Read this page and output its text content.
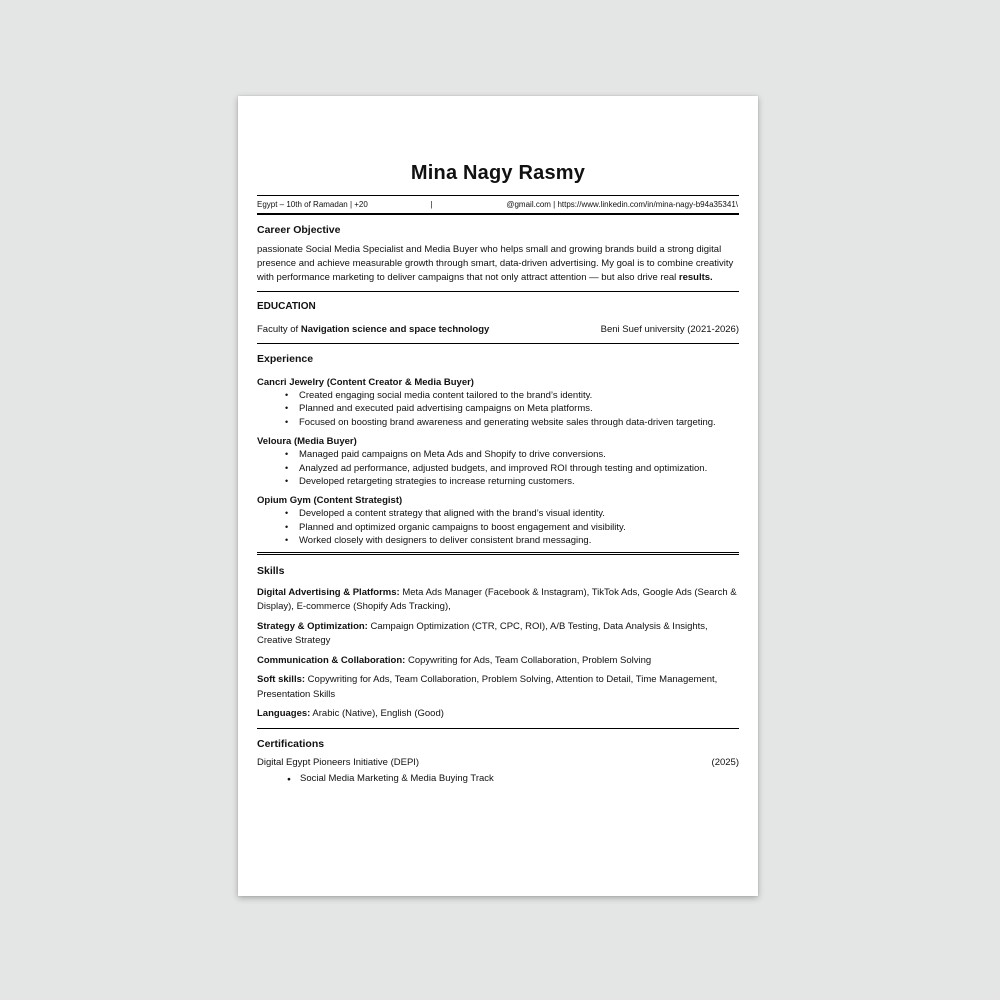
Mina Nagy Rasmy
Egypt – 10th of Ramadan | +20	|	@gmail.com | https://www.linkedin.com/in/mina-nagy-b94a35341\
Career Objective

passionate Social Media Specialist and Media Buyer who helps small and growing brands build a strong digital presence and achieve measurable growth through smart, data-driven advertising. My goal is to combine creativity with performance marketing to deliver campaigns that not only attract attention — but also drive real results.

EDUCATION
Faculty of Navigation science and space technology	Beni Suef university (2021-2026)
Experience
Cancri Jewelry (Content Creator & Media Buyer)
• Created engaging social media content tailored to the brand’s identity.
• Planned and executed paid advertising campaigns on Meta platforms.
• Focused on boosting brand awareness and generating website sales through data-driven targeting.
Veloura (Media Buyer)
• Managed paid campaigns on Meta Ads and Shopify to drive conversions.
• Analyzed ad performance, adjusted budgets, and improved ROI through testing and optimization.
• Developed retargeting strategies to increase returning customers.
Opium Gym (Content Strategist)
• Developed a content strategy that aligned with the brand’s visual identity.
• Planned and optimized organic campaigns to boost engagement and visibility.
• Worked closely with designers to deliver consistent brand messaging.
Skills

Digital Advertising & Platforms: Meta Ads Manager (Facebook & Instagram), TikTok Ads, Google Ads (Search & Display), E-commerce (Shopify Ads Tracking),

Strategy & Optimization: Campaign Optimization (CTR, CPC, ROI), A/B Testing, Data Analysis & Insights, Creative Strategy

Communication & Collaboration: Copywriting for Ads, Team Collaboration, Problem Solving

Soft skills: Copywriting for Ads, Team Collaboration, Problem Solving, Attention to Detail, Time Management, Presentation Skills

Languages: Arabic (Native), English (Good)

Certifications
Digital Egypt Pioneers Initiative (DEPI)	(2025)
● Social Media Marketing & Media Buying Track
